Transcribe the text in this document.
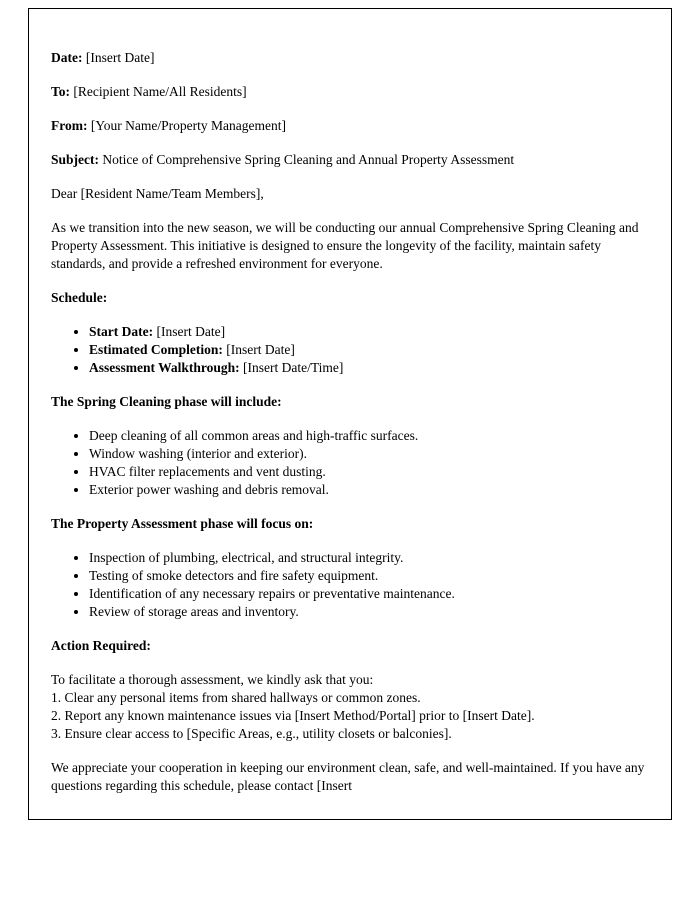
Date: [Insert Date]

To: [Recipient Name/All Residents]

From: [Your Name/Property Management]

Subject: Notice of Comprehensive Spring Cleaning and Annual Property Assessment

Dear [Resident Name/Team Members],

As we transition into the new season, we will be conducting our annual Comprehensive Spring Cleaning and Property Assessment. This initiative is designed to ensure the longevity of the facility, maintain safety standards, and provide a refreshed environment for everyone.

Schedule:

• Start Date: [Insert Date]
• Estimated Completion: [Insert Date]
• Assessment Walkthrough: [Insert Date/Time]

The Spring Cleaning phase will include:

• Deep cleaning of all common areas and high-traffic surfaces.
• Window washing (interior and exterior).
• HVAC filter replacements and vent dusting.
• Exterior power washing and debris removal.

The Property Assessment phase will focus on:

• Inspection of plumbing, electrical, and structural integrity.
• Testing of smoke detectors and fire safety equipment.
• Identification of any necessary repairs or preventative maintenance.
• Review of storage areas and inventory.

Action Required:

To facilitate a thorough assessment, we kindly ask that you:
1. Clear any personal items from shared hallways or common zones.
2. Report any known maintenance issues via [Insert Method/Portal] prior to [Insert Date].
3. Ensure clear access to [Specific Areas, e.g., utility closets or balconies].

We appreciate your cooperation in keeping our environment clean, safe, and well-maintained. If you have any questions regarding this schedule, please contact [Insert
